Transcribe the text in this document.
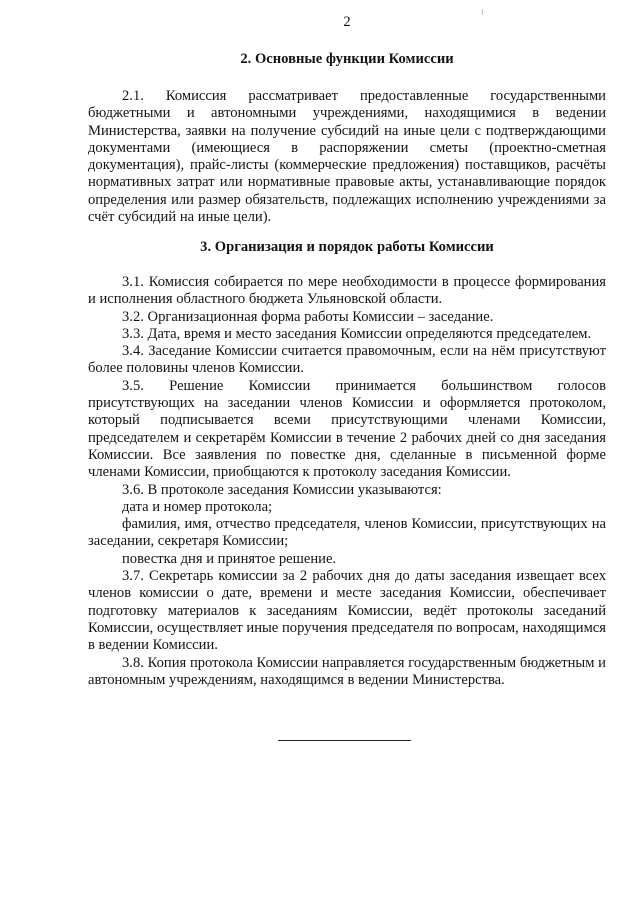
2
2. Основные функции Комиссии

2.1. Комиссия рассматривает предоставленные государственными бюджетными и автономными учреждениями, находящимися в ведении Министерства, заявки на получение субсидий на иные цели с подтверждающими документами (имеющиеся в распоряжении сметы (проектно-сметная документация), прайс-листы (коммерческие предложения) поставщиков, расчёты нормативных затрат или нормативные правовые акты, устанавливающие порядок определения или размер обязательств, подлежащих исполнению учреждениями за счёт субсидий на иные цели).

3. Организация и порядок работы Комиссии

3.1. Комиссия собирается по мере необходимости в процессе формирования и исполнения областного бюджета Ульяновской области.

3.2. Организационная форма работы Комиссии – заседание.

3.3. Дата, время и место заседания Комиссии определяются председателем.

3.4. Заседание Комиссии считается правомочным, если на нём присутствуют более половины членов Комиссии.

3.5. Решение Комиссии принимается большинством голосов присутствующих на заседании членов Комиссии и оформляется протоколом, который подписывается всеми присутствующими членами Комиссии, председателем и секретарём Комиссии в течение 2 рабочих дней со дня заседания Комиссии. Все заявления по повестке дня, сделанные в письменной форме членами Комиссии, приобщаются к протоколу заседания Комиссии.

3.6. В протоколе заседания Комиссии указываются:

дата и номер протокола;

фамилия, имя, отчество председателя, членов Комиссии, присутствующих на заседании, секретаря Комиссии;

повестка дня и принятое решение.

3.7. Секретарь комиссии за 2 рабочих дня до даты заседания извещает всех членов комиссии о дате, времени и месте заседания Комиссии, обеспечивает подготовку материалов к заседаниям Комиссии, ведёт протоколы заседаний Комиссии, осуществляет иные поручения председателя по вопросам, находящимся в ведении Комиссии.

3.8. Копия протокола Комиссии направляется государственным бюджетным и автономным учреждениям, находящимся в ведении Министерства.
